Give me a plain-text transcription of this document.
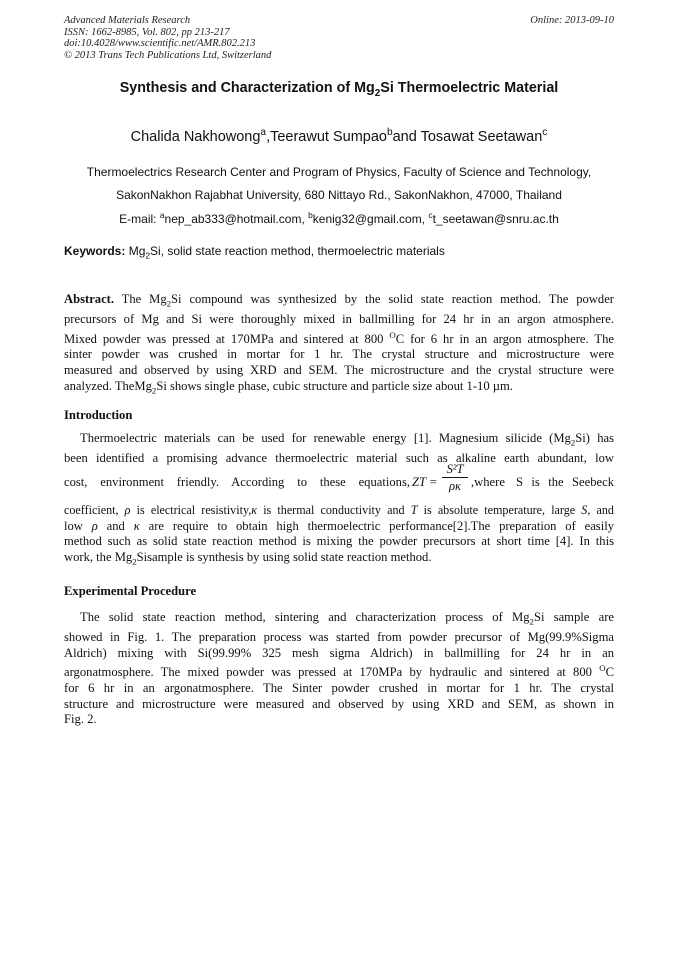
Advanced Materials Research
ISSN: 1662-8985, Vol. 802, pp 213-217
doi:10.4028/www.scientific.net/AMR.802.213
© 2013 Trans Tech Publications Ltd, Switzerland
Online: 2013-09-10
Synthesis and Characterization of $Mg_2Si$ Thermoelectric Material
Chalida Nakhowong$^a$,Teerawut Sumpao$^b$and Tosawat Seetawan$^c$
Thermoelectrics Research Center and Program of Physics, Faculty of Science and Technology,
SakonNakhon Rajabhat University, 680 Nittayo Rd., SakonNakhon, 47000, Thailand
E-mail: $^a$nep_ab333@hotmail.com, $^b$kenig32@gmail.com, $^c$t_seetawan@snru.ac.th
Keywords: $Mg_2Si$, solid state reaction method, thermoelectric materials
Abstract. The $Mg_2Si$ compound was synthesized by the solid state reaction method. The powder
precursors of Mg and Si were thoroughly mixed in ballmilling for 24 hr in an argon atmosphere.
Mixed powder was pressed at 170MPa and sintered at 800 $^O$C for 6 hr in an argon atmosphere. The
sinter powder was crushed in mortar for 1 hr. The crystal structure and microstructure were
measured and observed by using XRD and SEM. The microstructure and the crystal structure were
analyzed. TheMg$_2$Si shows single phase, cubic structure and particle size about 1-10 µm.
Introduction
Thermoelectric materials can be used for renewable energy [1]. Magnesium silicide $(Mg_2Si)$ has
been identified a promising advance thermoelectric material such as alkaline earth abundant, low
cost, environment friendly. According to these equations, ZT =
S²T
ρκ ,where S is the Seebeck
coefficient, ρ is electrical resistivity,κ is thermal conductivity and T is absolute temperature, large S, and
low ρ and κ are require to obtain high thermoelectric performance[2].The preparation of easily
method such as solid state reaction method is mixing the powder precursors at short time [4]. In this
work, the $Mg_2Sisample$ is synthesis by using solid state reaction method.
Experimental Procedure
The solid state reaction method, sintering and characterization process of $Mg_2Si$ sample are
showed in Fig. 1. The preparation process was started from powder precursor of Mg(99.9%Sigma
Aldrich) mixing with Si(99.99% 325 mesh sigma Aldrich) in ballmilling for 24 hr in an
argonatmosphere. The mixed powder was pressed at 170MPa by hydraulic and sintered at 800 $^O$C
for 6 hr in an argonatmosphere. The Sinter powder crushed in mortar for 1 hr. The crystal
structure and microstructure were measured and observed by using XRD and SEM, as shown in
Fig. 2.
